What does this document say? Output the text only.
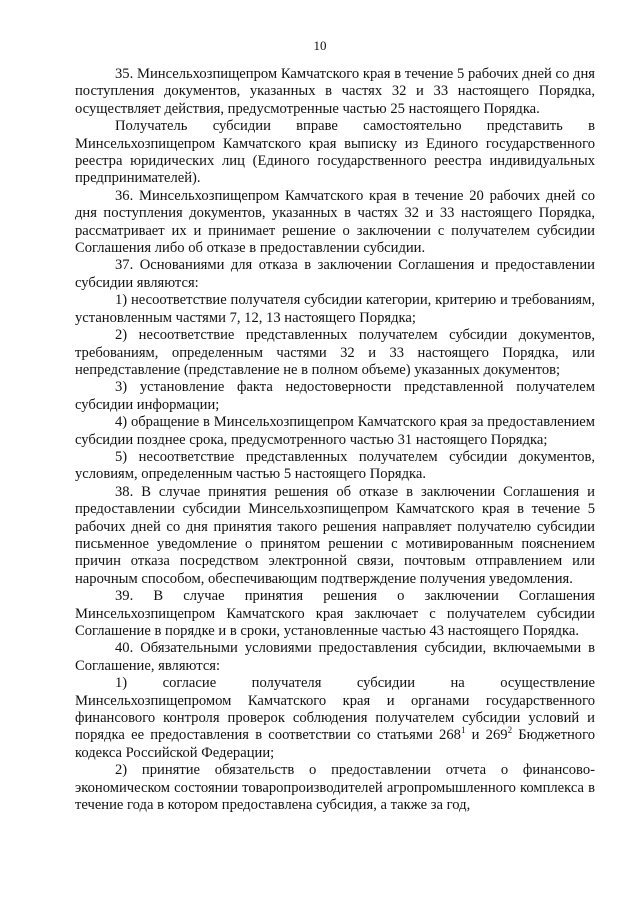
10

35. Минсельхозпищепром Камчатского края в течение 5 рабочих дней со дня поступления документов, указанных в частях 32 и 33 настоящего Порядка, осуществляет действия, предусмотренные частью 25 настоящего Порядка.

Получатель субсидии вправе самостоятельно представить в Минсельхозпищепром Камчатского края выписку из Единого государственного реестра юридических лиц (Единого государственного реестра индивидуальных предпринимателей).

36. Минсельхозпищепром Камчатского края в течение 20 рабочих дней со дня поступления документов, указанных в частях 32 и 33 настоящего Порядка, рассматривает их и принимает решение о заключении с получателем субсидии Соглашения либо об отказе в предоставлении субсидии.

37. Основаниями для отказа в заключении Соглашения и предоставлении субсидии являются:

1) несоответствие получателя субсидии категории, критерию и требованиям, установленным частями 7, 12, 13 настоящего Порядка;

2) несоответствие представленных получателем субсидии документов, требованиям, определенным частями 32 и 33 настоящего Порядка, или непредставление (представление не в полном объеме) указанных документов;

3) установление факта недостоверности представленной получателем субсидии информации;

4) обращение в Минсельхозпищепром Камчатского края за предоставлением субсидии позднее срока, предусмотренного частью 31 настоящего Порядка;

5) несоответствие представленных получателем субсидии документов, условиям, определенным частью 5 настоящего Порядка.

38. В случае принятия решения об отказе в заключении Соглашения и предоставлении субсидии Минсельхозпищепром Камчатского края в течение 5 рабочих дней со дня принятия такого решения направляет получателю субсидии письменное уведомление о принятом решении с мотивированным пояснением причин отказа посредством электронной связи, почтовым отправлением или нарочным способом, обеспечивающим подтверждение получения уведомления.

39. В случае принятия решения о заключении Соглашения Минсельхозпищепром Камчатского края заключает с получателем субсидии Соглашение в порядке и в сроки, установленные частью 43 настоящего Порядка.

40. Обязательными условиями предоставления субсидии, включаемыми в Соглашение, являются:

1) согласие получателя субсидии на осуществление Минсельхозпищепромом Камчатского края и органами государственного финансового контроля проверок соблюдения получателем субсидии условий и порядка ее предоставления в соответствии со статьями $268^1$ и $269^2$ Бюджетного кодекса Российской Федерации;

2) принятие обязательств о предоставлении отчета о финансово-экономическом состоянии товаропроизводителей агропромышленного комплекса в течение года в котором предоставлена субсидия, а также за год,
